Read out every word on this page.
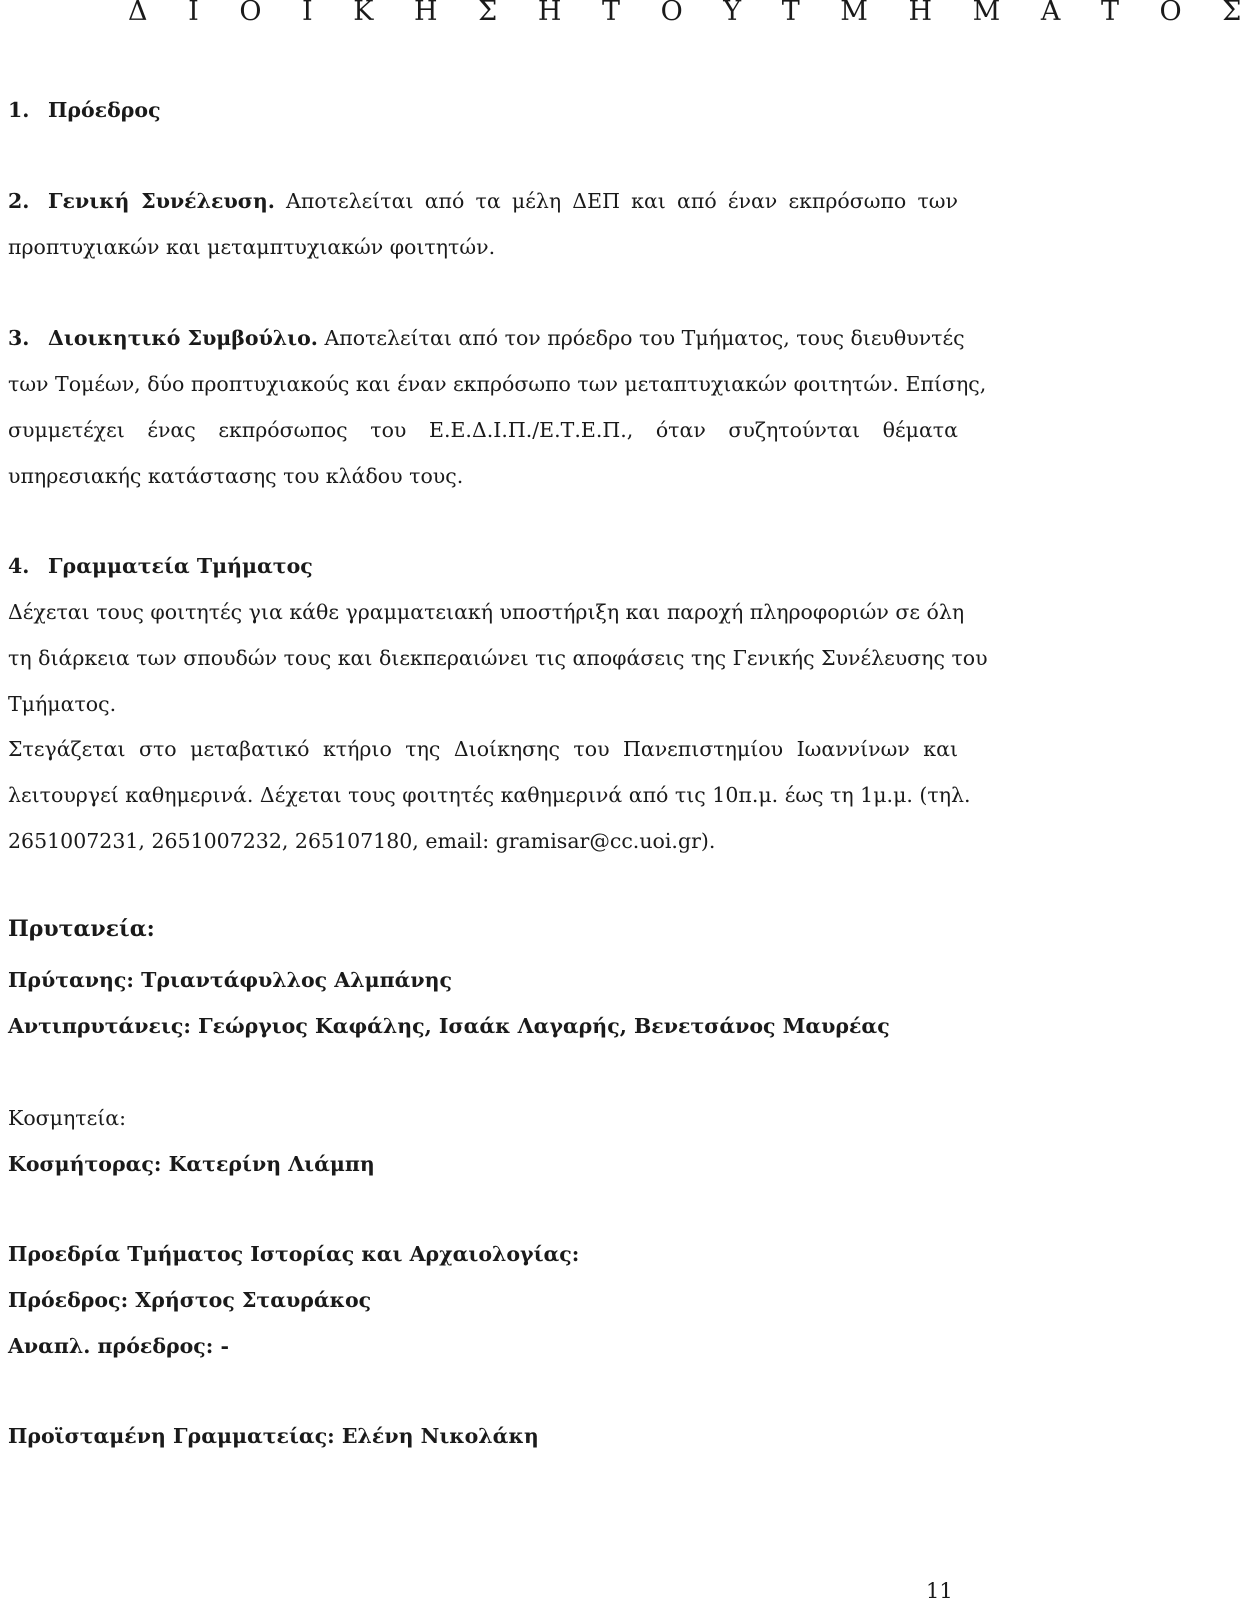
Δ Ι Ο Ι Κ Η Σ Η Τ Ο Υ Τ Μ Η Μ Α Τ Ο Σ

1. Πρόεδρος

2. Γενική Συνέλευση. Αποτελείται από τα μέλη ΔΕΠ και από έναν εκπρόσωπο των

προπτυχιακών και μεταμπτυχιακών φοιτητών.

3. Διοικητικό Συμβούλιο. Αποτελείται από τον πρόεδρο του Τμήματος, τους διευθυντές

των Τομέων, δύο προπτυχιακούς και έναν εκπρόσωπο των μεταπτυχιακών φοιτητών. Επίσης,

συμμετέχει ένας εκπρόσωπος του Ε.Ε.Δ.Ι.Π./Ε.Τ.Ε.Π., όταν συζητούνται θέματα

υπηρεσιακής κατάστασης του κλάδου τους.

4. Γραμματεία Τμήματος

Δέχεται τους φοιτητές για κάθε γραμματειακή υποστήριξη και παροχή πληροφοριών σε όλη

τη διάρκεια των σπουδών τους και διεκπεραιώνει τις αποφάσεις της Γενικής Συνέλευσης του

Τμήματος.

Στεγάζεται στο μεταβατικό κτήριο της Διοίκησης του Πανεπιστημίου Ιωαννίνων και

λειτουργεί καθημερινά. Δέχεται τους φοιτητές καθημερινά από τις 10π.μ. έως τη 1μ.μ. (τηλ.

2651007231, 2651007232, 265107180, email: gramisar@cc.uoi.gr).

Πρυτανεία:

Πρύτανης: Τριαντάφυλλος Αλμπάνης

Αντιπρυτάνεις: Γεώργιος Καφάλης, Ισαάκ Λαγαρής, Βενετσάνος Μαυρέας

Κοσμητεία:

Κοσμήτορας: Κατερίνη Λιάμπη

Προεδρία Τμήματος Ιστορίας και Αρχαιολογίας:

Πρόεδρος: Χρήστος Σταυράκος

Αναπλ. πρόεδρος: -

Προϊσταμένη Γραμματείας: Ελένη Νικολάκη

11
